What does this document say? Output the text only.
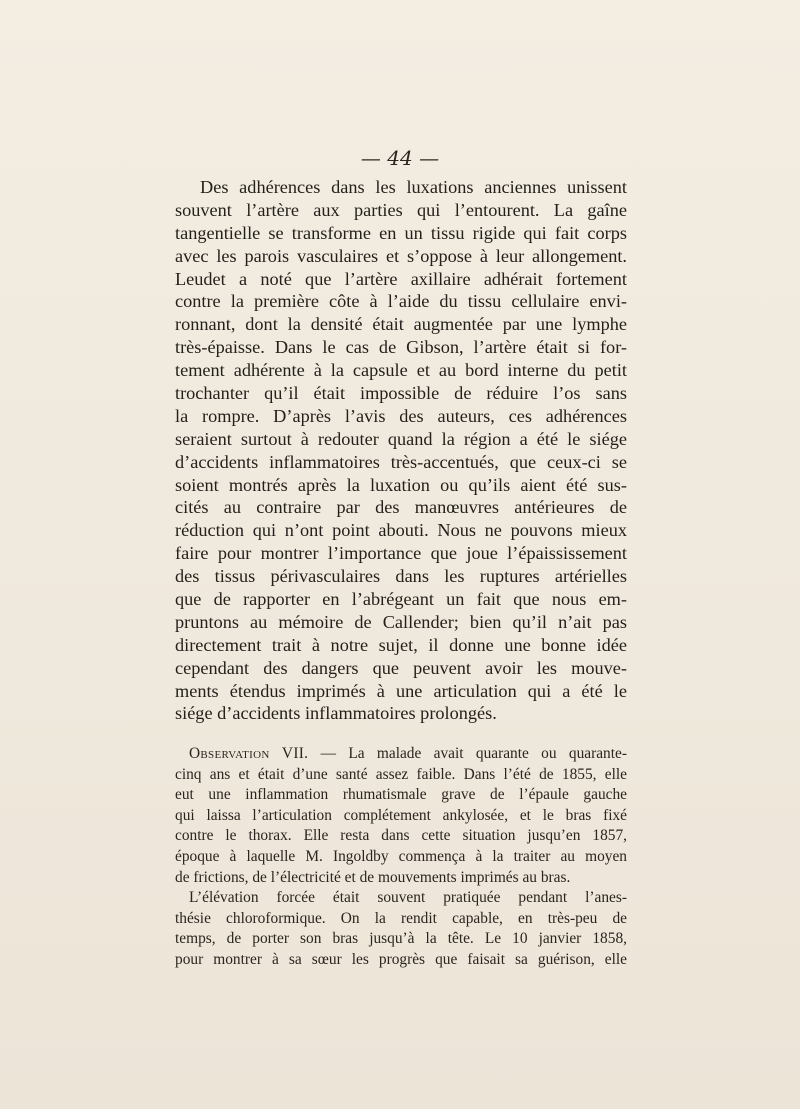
— 44 —

Des adhérences dans les luxations anciennes unissent
souvent l’artère aux parties qui l’entourent. La gaîne
tangentielle se transforme en un tissu rigide qui fait corps
avec les parois vasculaires et s’oppose à leur allongement.
Leudet a noté que l’artère axillaire adhérait fortement
contre la première côte à l’aide du tissu cellulaire envi-
ronnant, dont la densité était augmentée par une lymphe
très-épaisse. Dans le cas de Gibson, l’artère était si for-
tement adhérente à la capsule et au bord interne du petit
trochanter qu’il était impossible de réduire l’os sans
la rompre. D’après l’avis des auteurs, ces adhérences
seraient surtout à redouter quand la région a été le siége
d’accidents inflammatoires très-accentués, que ceux-ci se
soient montrés après la luxation ou qu’ils aient été sus-
cités au contraire par des manœuvres antérieures de
réduction qui n’ont point abouti. Nous ne pouvons mieux
faire pour montrer l’importance que joue l’épaississement
des tissus périvasculaires dans les ruptures artérielles
que de rapporter en l’abrégeant un fait que nous em-
pruntons au mémoire de Callender; bien qu’il n’ait pas
directement trait à notre sujet, il donne une bonne idée
cependant des dangers que peuvent avoir les mouve-
ments étendus imprimés à une articulation qui a été le
siége d’accidents inflammatoires prolongés.
Observation VII. — La malade avait quarante ou quarante-
cinq ans et était d’une santé assez faible. Dans l’été de 1855, elle
eut une inflammation rhumatismale grave de l’épaule gauche
qui laissa l’articulation complétement ankylosée, et le bras fixé
contre le thorax. Elle resta dans cette situation jusqu’en 1857,
époque à laquelle M. Ingoldby commença à la traiter au moyen
de frictions, de l’électricité et de mouvements imprimés au bras.
L’élévation forcée était souvent pratiquée pendant l’anes-
thésie chloroformique. On la rendit capable, en très-peu de
temps, de porter son bras jusqu’à la tête. Le 10 janvier 1858,
pour montrer à sa sœur les progrès que faisait sa guérison, elle
